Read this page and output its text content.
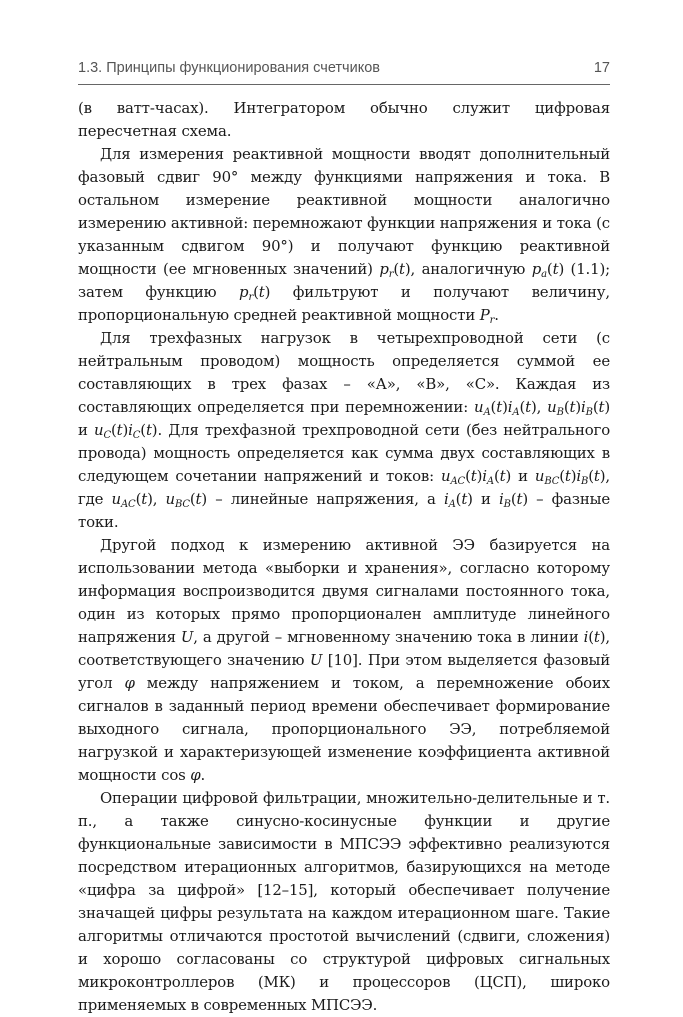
1.3. Принципы функционирования счетчиков	17

(в ватт-часах). Интегратором обычно служит цифровая пересчетная схема.

Для измерения реактивной мощности вводят дополнительный фазовый сдвиг 90° между функциями напряжения и тока. В остальном измерение реактивной мощности аналогично измерению активной: перемножают функции напряжения и тока (с указанным сдвигом 90°) и получают функцию реактивной мощности (ее мгновенных значений) $p_r(t)$, аналогичную $p_a(t)$ (1.1); затем функцию $p_r(t)$ фильтруют и получают величину, пропорциональную средней реактивной мощности $P_r$.

Для трехфазных нагрузок в четырехпроводной сети (с нейтральным проводом) мощность определяется суммой ее составляющих в трех фазах – «А», «В», «С». Каждая из составляющих определяется при перемножении: $u_A(t)i_A(t)$, $u_B(t)i_B(t)$ и $u_C(t)i_C(t)$. Для трехфазной трехпроводной сети (без нейтрального провода) мощность определяется как сумма двух составляющих в следующем сочетании напряжений и токов: $u_{AC}(t)i_A(t)$ и $u_{BC}(t)i_B(t)$, где $u_{AC}(t)$, $u_{BC}(t)$ – линейные напряжения, а $i_A(t)$ и $i_B(t)$ – фазные токи.

Другой подход к измерению активной ЭЭ базируется на использовании метода «выборки и хранения», согласно которому информация воспроизводится двумя сигналами постоянного тока, один из которых прямо пропорционален амплитуде линейного напряжения U, а другой – мгновенному значению тока в линии i(t), соответствующего значению U [10]. При этом выделяется фазовый угол φ между напряжением и током, а перемножение обоих сигналов в заданный период времени обеспечивает формирование выходного сигнала, пропорционального ЭЭ, потребляемой нагрузкой и характеризующей изменение коэффициента активной мощности cos φ.

Операции цифровой фильтрации, множительно-делительные и т. п., а также синусно-косинусные функции и другие функциональные зависимости в МПСЭЭ эффективно реализуются посредством итерационных алгоритмов, базирующихся на методе «цифра за цифрой» [12–15], который обеспечивает получение значащей цифры результата на каждом итерационном шаге. Такие алгоритмы отличаются простотой вычислений (сдвиги, сложения) и хорошо согласованы со структурой цифровых сигнальных микроконтроллеров (МК) и процессоров (ЦСП), широко применяемых в современных МПСЭЭ.
